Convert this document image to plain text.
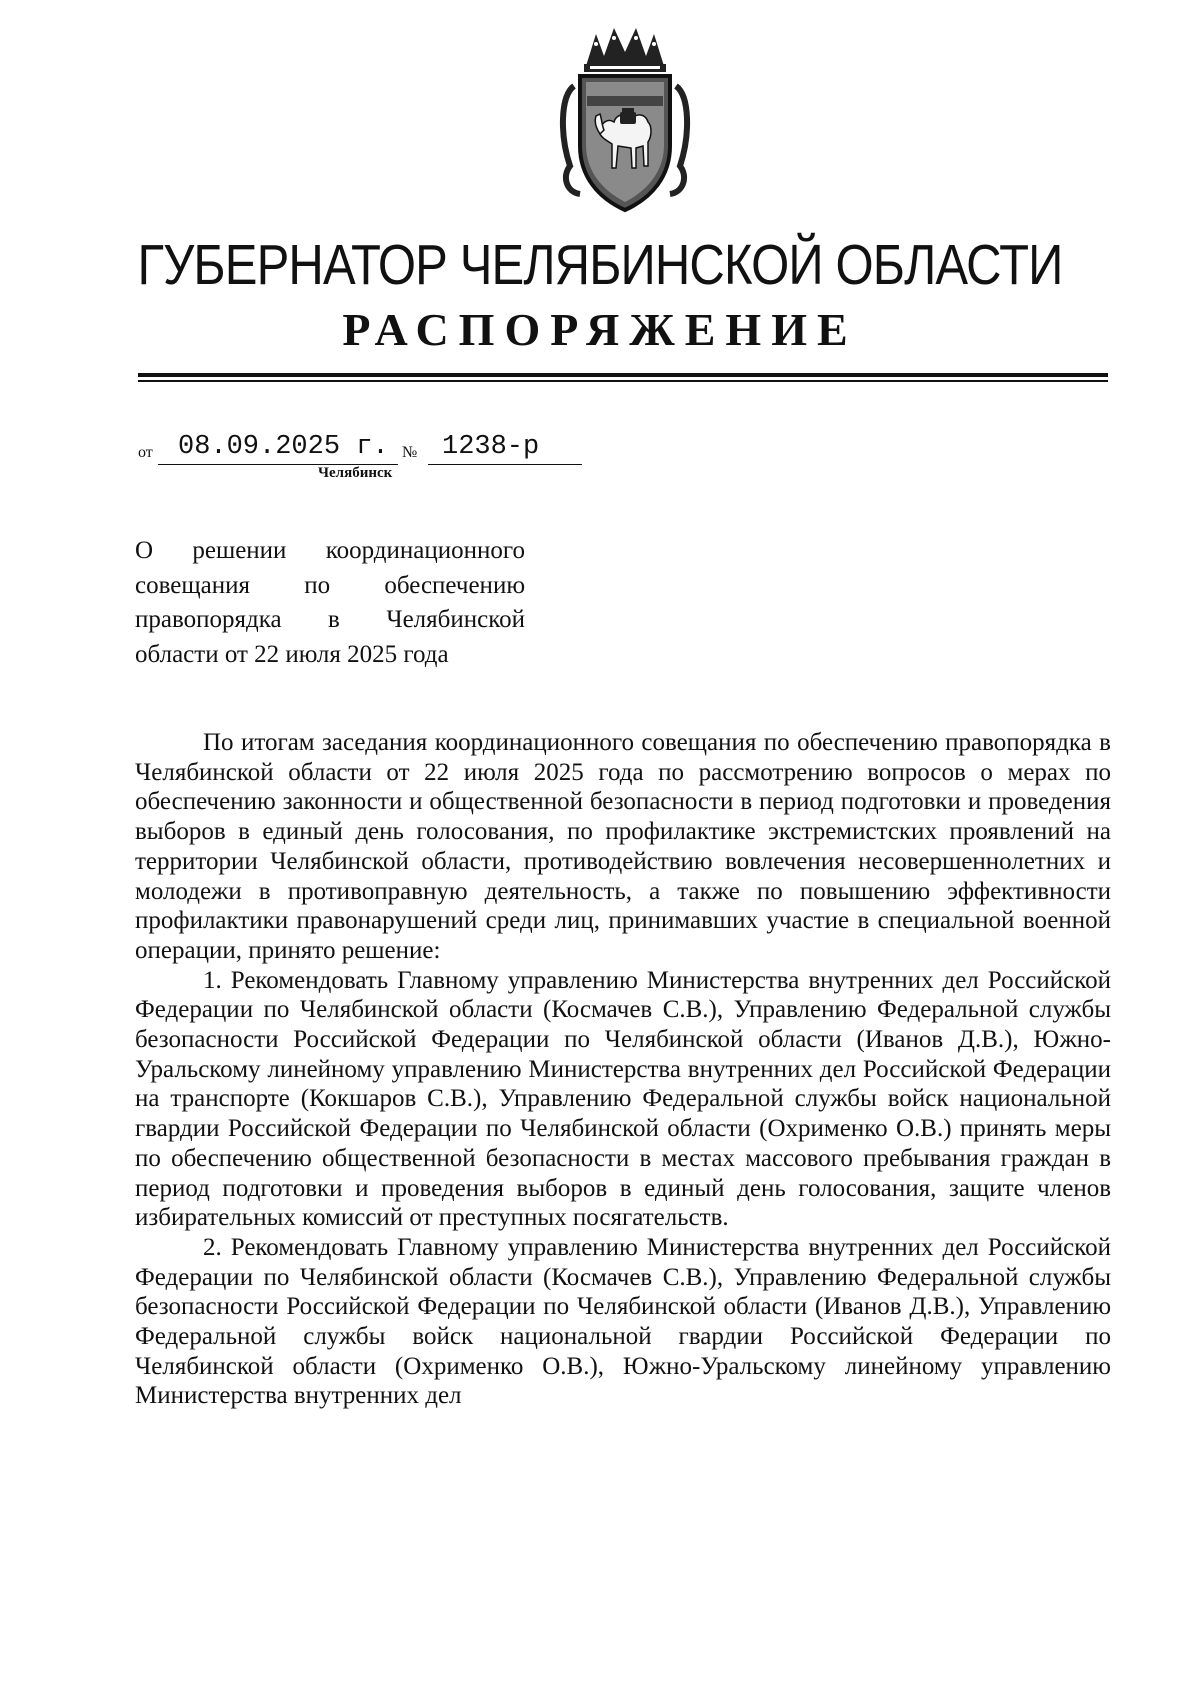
ГУБЕРНАТОР ЧЕЛЯБИНСКОЙ ОБЛАСТИ
РАСПОРЯЖЕНИЕ
от 08.09.2025 г. № 1238-р
Челябинск
О решении координационного
совещания по обеспечению
правопорядка в Челябинской
области от 22 июля 2025 года

По итогам заседания координационного совещания по обеспечению правопорядка в Челябинской области от 22 июля 2025 года по рассмотрению вопросов о мерах по обеспечению законности и общественной безопасности в период подготовки и проведения выборов в единый день голосования, по профилактике экстремистских проявлений на территории Челябинской области, противодействию вовлечения несовершеннолетних и молодежи в противоправную деятельность, а также по повышению эффективности профилактики правонарушений среди лиц, принимавших участие в специальной военной операции, принято решение:

1. Рекомендовать Главному управлению Министерства внутренних дел Российской Федерации по Челябинской области (Космачев С.В.), Управлению Федеральной службы безопасности Российской Федерации по Челябинской области (Иванов Д.В.), Южно-Уральскому линейному управлению Министерства внутренних дел Российской Федерации на транспорте (Кокшаров С.В.), Управлению Федеральной службы войск национальной гвардии Российской Федерации по Челябинской области (Охрименко О.В.) принять меры по обеспечению общественной безопасности в местах массового пребывания граждан в период подготовки и проведения выборов в единый день голосования, защите членов избирательных комиссий от преступных посягательств.

2. Рекомендовать Главному управлению Министерства внутренних дел Российской Федерации по Челябинской области (Космачев С.В.), Управлению Федеральной службы безопасности Российской Федерации по Челябинской области (Иванов Д.В.), Управлению Федеральной службы войск национальной гвардии Российской Федерации по Челябинской области (Охрименко О.В.), Южно-Уральскому линейному управлению Министерства внутренних дел
